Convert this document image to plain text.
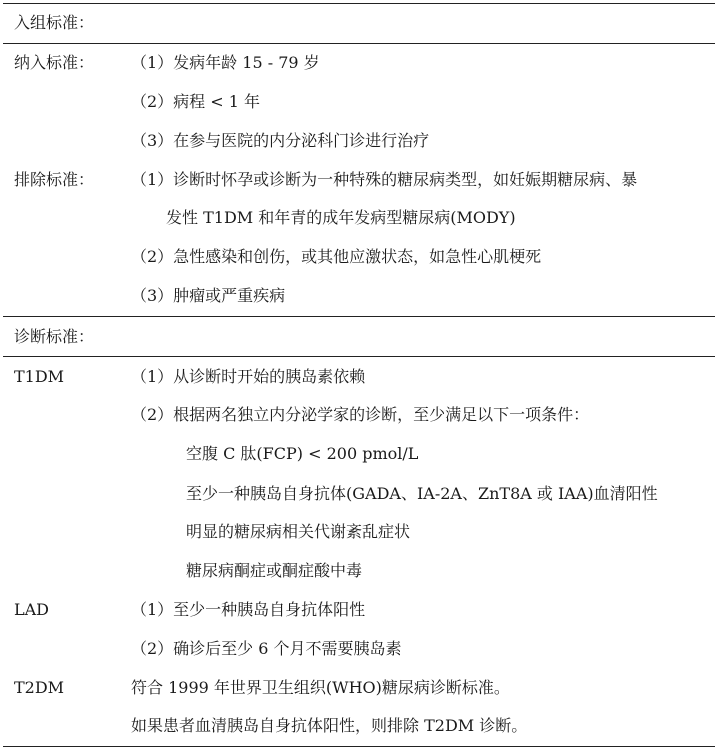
入组标准：
纳入标准： （1）发病年龄 15 - 79 岁
（2）病程 < 1 年
（3）在参与医院的内分泌科门诊进行治疗
排除标准： （1）诊断时怀孕或诊断为一种特殊的糖尿病类型，如妊娠期糖尿病、暴
发性 T1DM 和年青的成年发病型糖尿病(MODY)
（2）急性感染和创伤，或其他应激状态，如急性心肌梗死
（3）肿瘤或严重疾病
诊断标准：
T1DM	（1）从诊断时开始的胰岛素依赖
（2）根据两名独立内分泌学家的诊断，至少满足以下一项条件：
空腹 C 肽(FCP) < 200 pmol/L
至少一种胰岛自身抗体(GADA、IA-2A、ZnT8A 或 IAA)血清阳性
明显的糖尿病相关代谢紊乱症状
糖尿病酮症或酮症酸中毒
LAD	（1）至少一种胰岛自身抗体阳性
（2）确诊后至少 6 个月不需要胰岛素
T2DM	符合 1999 年世界卫生组织(WHO)糖尿病诊断标准。
如果患者血清胰岛自身抗体阳性，则排除 T2DM 诊断。
